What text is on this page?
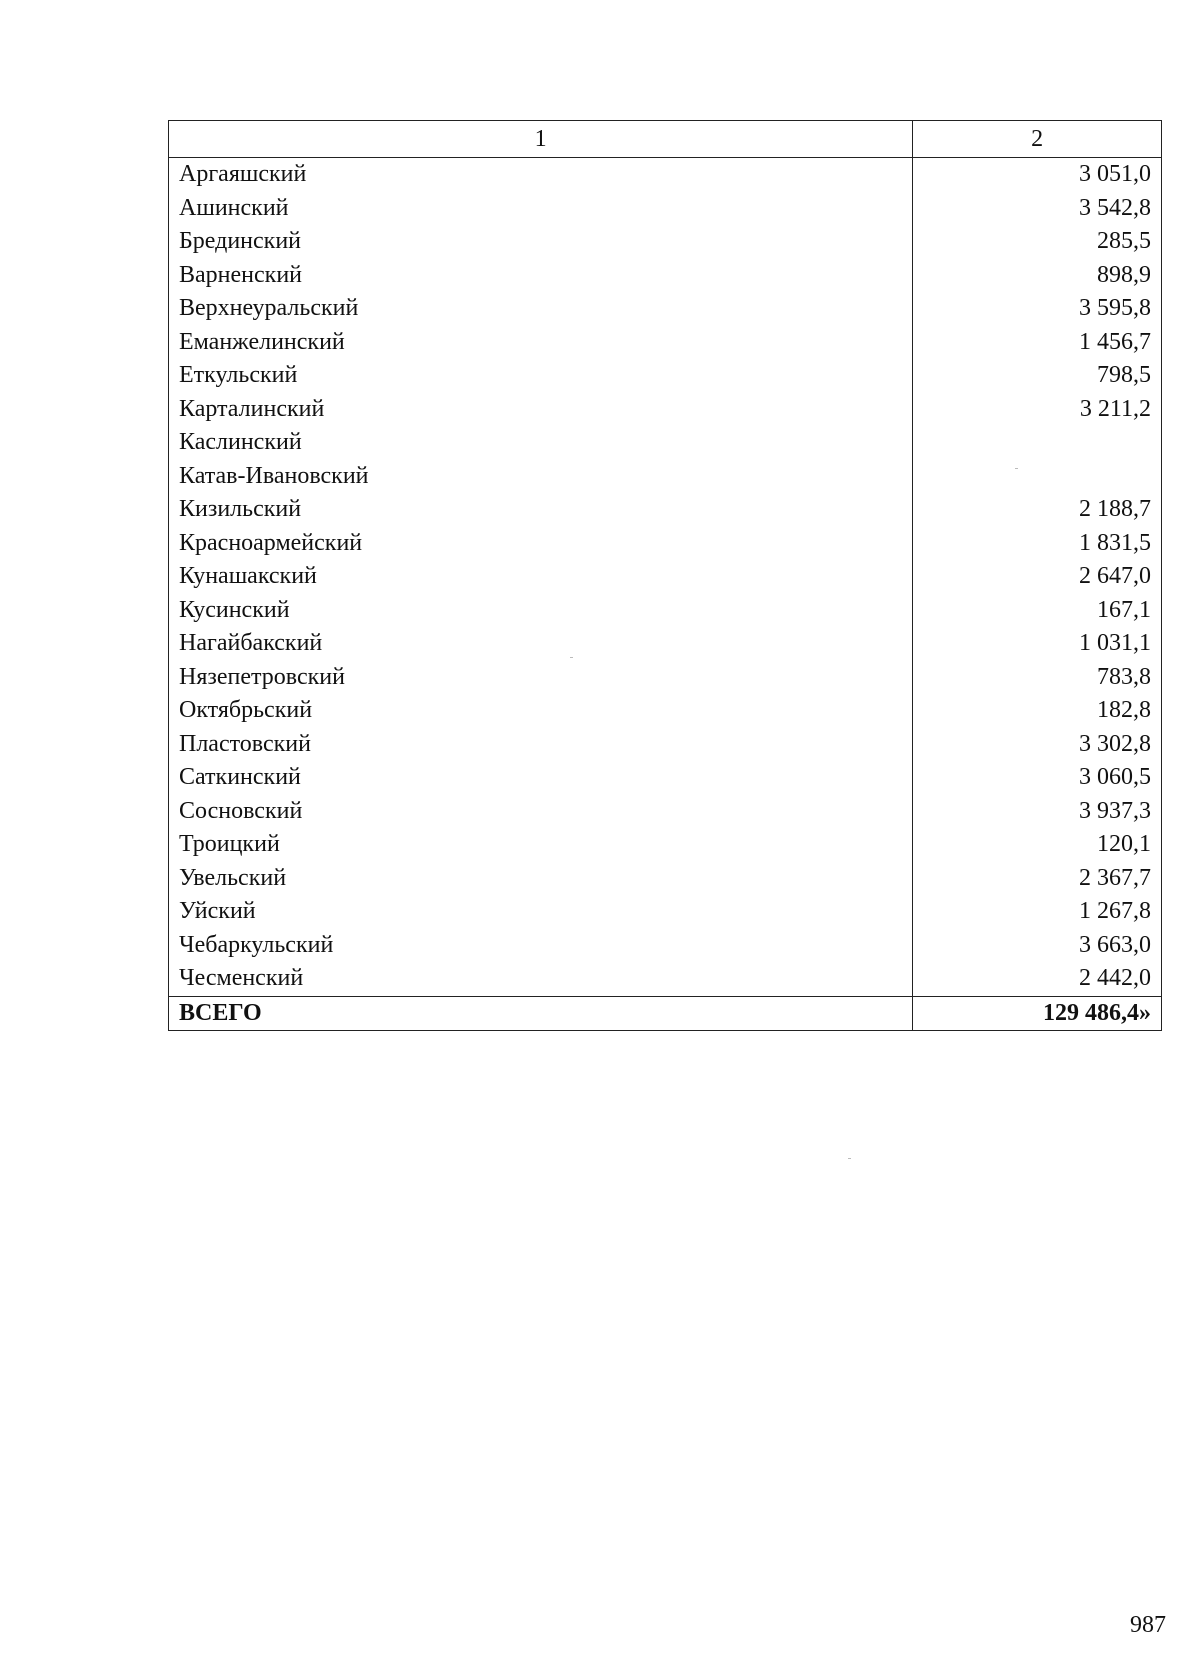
1	2
Аргаяшский	3 051,0
Ашинский	3 542,8
Брединский	285,5
Варненский	898,9
Верхнеуральский	3 595,8
Еманжелинский	1 456,7
Еткульский	798,5
Карталинский	3 211,2
Каслинский	
Катав-Ивановский	
Кизильский	2 188,7
Красноармейский	1 831,5
Кунашакский	2 647,0
Кусинский	167,1
Нагайбакский	1 031,1
Нязепетровский	783,8
Октябрьский	182,8
Пластовский	3 302,8
Саткинский	3 060,5
Сосновский	3 937,3
Троицкий	120,1
Увельский	2 367,7
Уйский	1 267,8
Чебаркульский	3 663,0
Чесменский	2 442,0
ВСЕГО	129 486,4»
987
